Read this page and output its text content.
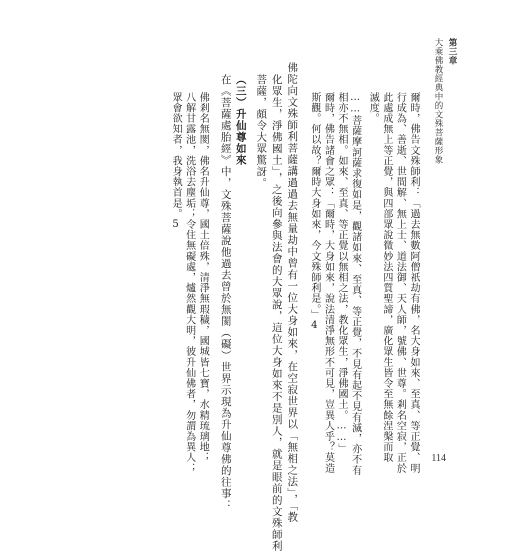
第三章
大乘佛教經典中的文殊菩薩形象
爾時，佛告文殊師利：「過去無數阿僧祇劫有佛，名大身如來、至真、等正覺、明
行成為、善逝、世間解、無上士、道法御、天人師，號佛、世尊。剎名空寂，正於
此處成無上等正覺，與四部眾說微妙法四質聖諦，廣化眾生皆令至無餘涅槃而取
滅度。
……菩薩摩訶薩求復如是，觀諸如來、至真、等正覺，不見有起不見有滅，亦不有
相亦不無相。如來、至真、等正覺以無相之法，教化眾生，淨佛國土。……」
爾時，佛告諸會之眾：「爾時，大身如來，說法清淨無形不可見，豈異人乎？莫造
斯觀。何以故？爾時大身如來，今文殊師利是。」4
佛陀向文殊師利菩薩講過過去無量劫中曾有一位大身如來，在空寂世界以「無相之法」，「教
化眾生，淨佛國土」，之後向參與法會的大眾說，這位大身如來不是別人，就是眼前的文殊師利
菩薩，頗令大眾驚訝。
（三）升仙尊如來
在《菩薩處胎經》中，文殊菩薩說他過去曾於無閡（礙）世界示現為升仙尊佛的往事：
佛剎名無閡，佛名升仙尊，國土倍殊，清淨無瑕穢，國城皆七寶，水精琉璃地；
八解甘露池，洗浴去塵垢；令住無礙處，爐然觀大明，彼升仙佛者，勿謂為異人；
眾會欲知者，我身執首是。5
114
